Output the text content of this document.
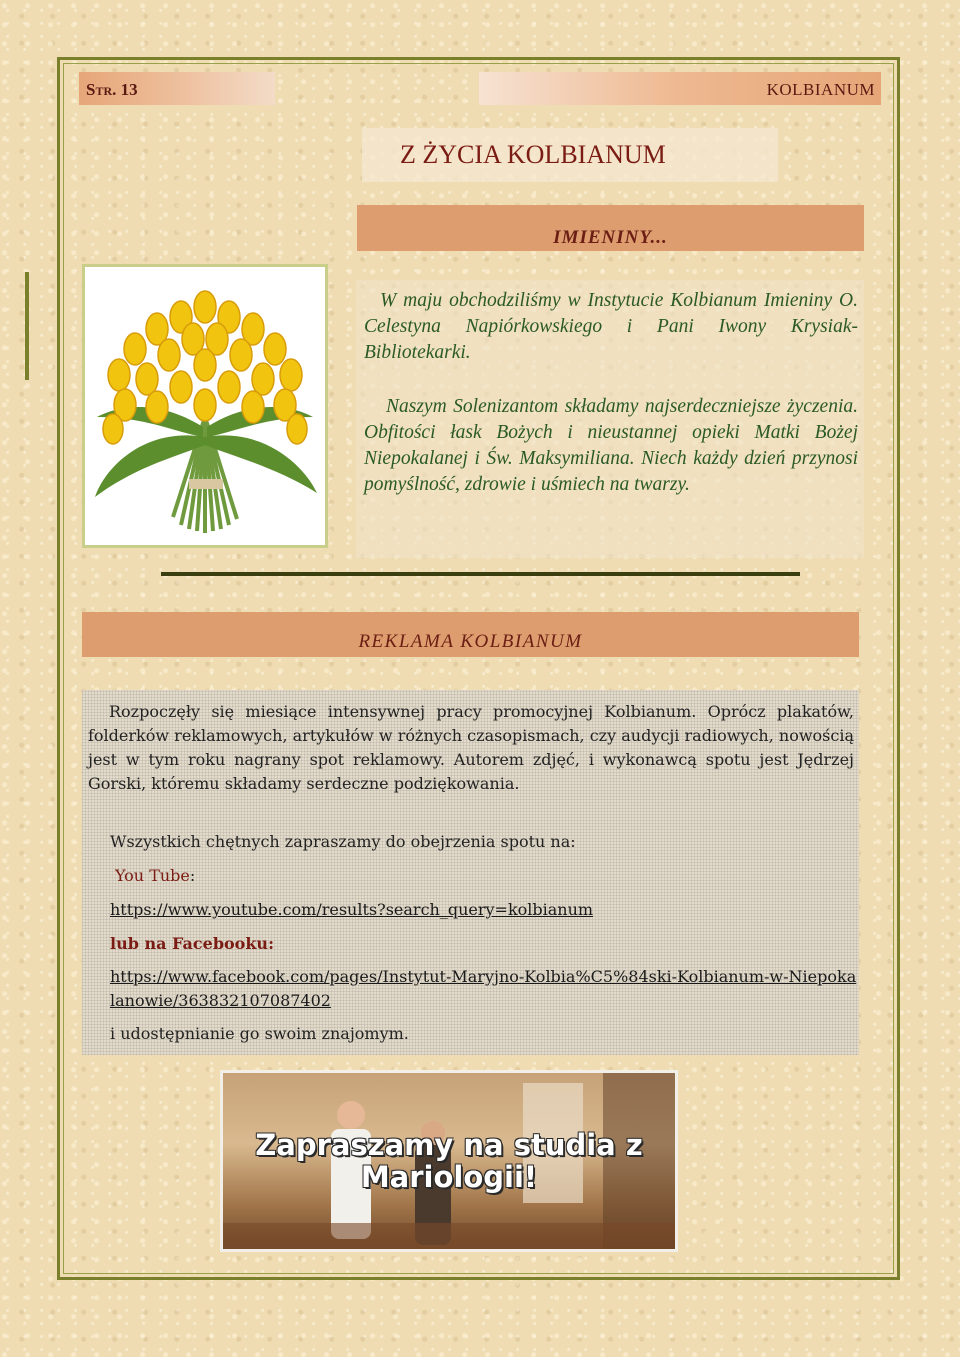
Str. 13	KOLBIANUM
Z ŻYCIA KOLBIANUM
IMIENINY...

W maju obchodziliśmy w Instytucie Kolbianum Imieniny O. Celestyna Napiórkowskiego i Pani Iwony Krysiak-Bibliotekarki.

Naszym Solenizantom składamy najserdeczniejsze życzenia. Obfitości łask Bożych i nieustannej opieki Matki Bożej Niepokalanej i Św. Maksymiliana. Niech każdy dzień przynosi pomyślność, zdrowie i uśmiech na twarzy.

REKLAMA KOLBIANUM

Rozpoczęły się miesiące intensywnej pracy promocyjnej Kolbianum. Oprócz plakatów, folderków reklamowych, artykułów w różnych czasopismach, czy audycji radiowych, nowością jest w tym roku nagrany spot reklamowy. Autorem zdjęć, i wykonawcą spotu jest Jędrzej Gorski, któremu składamy serdeczne podziękowania.

Wszystkich chętnych zapraszamy do obejrzenia spotu na:

You Tube:

https://www.youtube.com/results?search_query=kolbianum

lub na Facebooku:

https://www.facebook.com/pages/Instytut-Maryjno-Kolbia%C5%84ski-Kolbianum-w-Niepokalanowie/363832107087402

i udostępnianie go swoim znajomym.

Zapraszamy na studia z
Mariologii!
